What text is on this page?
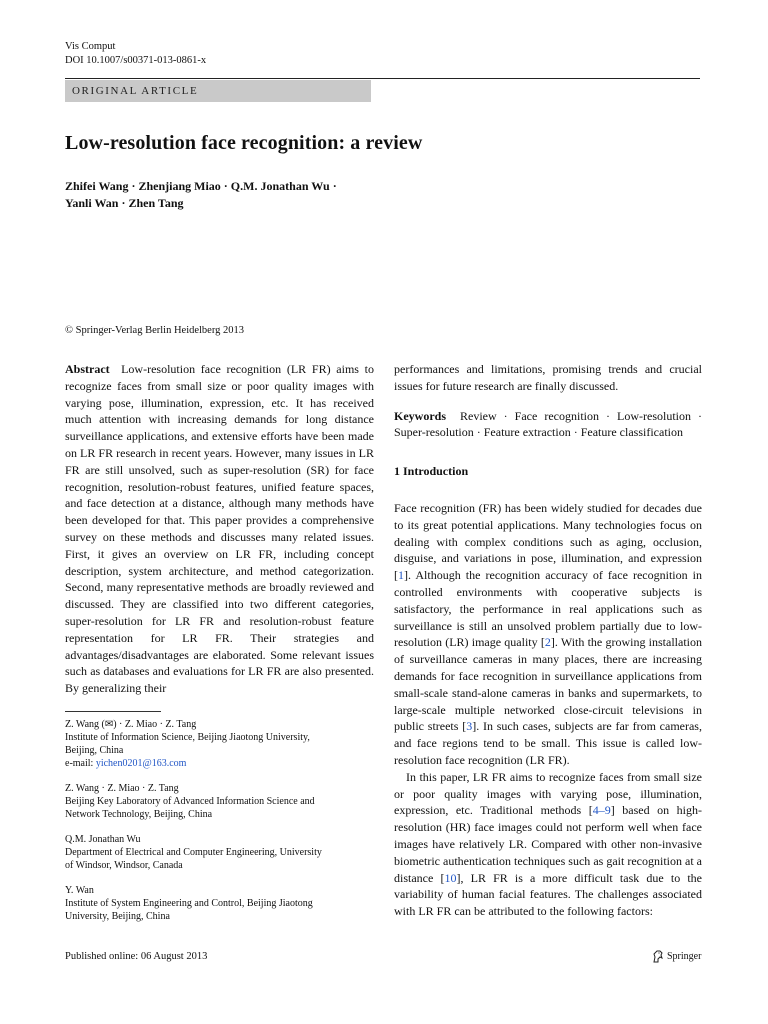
Vis Comput
DOI 10.1007/s00371-013-0861-x
ORIGINAL ARTICLE
Low-resolution face recognition: a review
Zhifei Wang · Zhenjiang Miao · Q.M. Jonathan Wu ·
Yanli Wan · Zhen Tang
© Springer-Verlag Berlin Heidelberg 2013

Abstract Low-resolution face recognition (LR FR) aims to recognize faces from small size or poor quality images with varying pose, illumination, expression, etc. It has received much attention with increasing demands for long distance surveillance applications, and extensive efforts have been made on LR FR research in recent years. However, many issues in LR FR are still unsolved, such as super-resolution (SR) for face recognition, resolution-robust features, unified feature spaces, and face detection at a distance, although many methods have been developed for that. This paper provides a comprehensive survey on these methods and discusses many related issues. First, it gives an overview on LR FR, including concept description, system architecture, and method categorization. Second, many representative methods are broadly reviewed and discussed. They are classified into two different categories, super-resolution for LR FR and resolution-robust feature representation for LR FR. Their strategies and advantages/disadvantages are elaborated. Some relevant issues such as databases and evaluations for LR FR are also presented. By generalizing their

performances and limitations, promising trends and crucial issues for future research are finally discussed.

Keywords Review · Face recognition · Low-resolution · Super-resolution · Feature extraction · Feature classification

1 Introduction

Face recognition (FR) has been widely studied for decades due to its great potential applications. Many technologies focus on dealing with complex conditions such as aging, occlusion, disguise, and variations in pose, illumination, and expression [1]. Although the recognition accuracy of face recognition in controlled environments with cooperative subjects is satisfactory, the performance in real applications such as surveillance is still an unsolved problem partially due to low-resolution (LR) image quality [2]. With the growing installation of surveillance cameras in many places, there are increasing demands for face recognition in surveillance applications from small-scale stand-alone cameras in banks and supermarkets, to large-scale multiple networked close-circuit televisions in public streets [3]. In such cases, subjects are far from cameras, and face regions tend to be small. This issue is called low-resolution face recognition (LR FR).

In this paper, LR FR aims to recognize faces from small size or poor quality images with varying pose, illumination, expression, etc. Traditional methods [4–9] based on high-resolution (HR) face images could not perform well when face images have relatively LR. Compared with other non-invasive biometric authentication techniques such as gait recognition at a distance [10], LR FR is a more difficult task due to the variability of human facial features. The challenges associated with LR FR can be attributed to the following factors:

Z. Wang (✉) · Z. Miao · Z. Tang
Institute of Information Science, Beijing Jiaotong University,
Beijing, China
e-mail: yichen0201@163.com
Z. Wang · Z. Miao · Z. Tang
Beijing Key Laboratory of Advanced Information Science and
Network Technology, Beijing, China
Q.M. Jonathan Wu
Department of Electrical and Computer Engineering, University
of Windsor, Windsor, Canada
Y. Wan
Institute of System Engineering and Control, Beijing Jiaotong
University, Beijing, China
Published online: 06 August 2013	Springer
